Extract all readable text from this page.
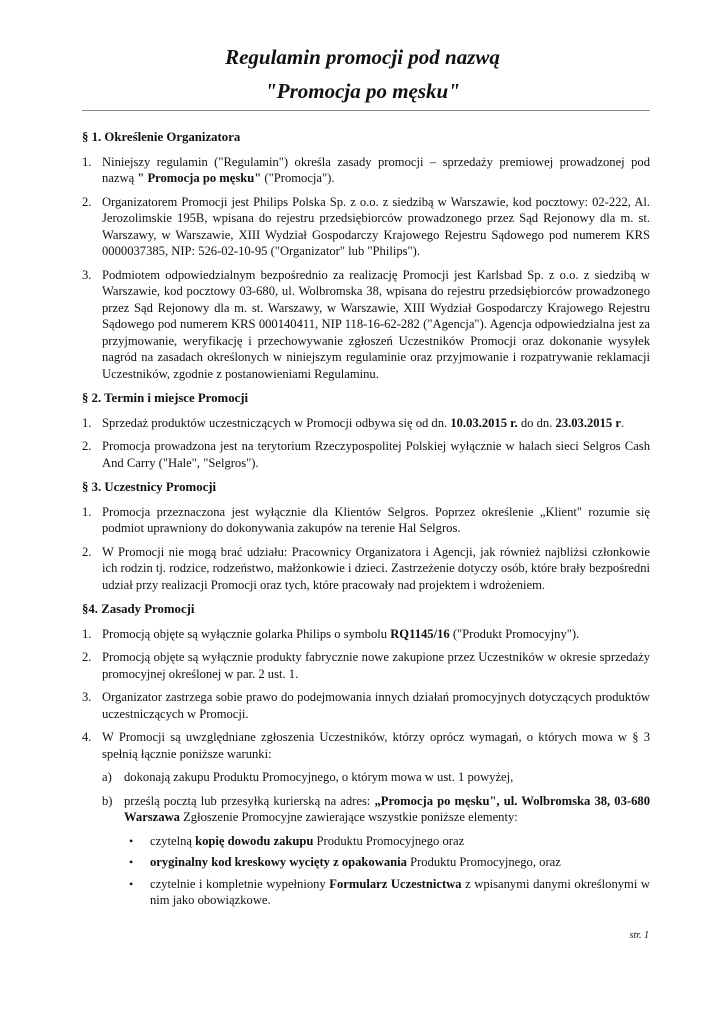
Regulamin promocji pod nazwą
"Promocja po męsku"
§ 1. Określenie Organizatora
1. Niniejszy regulamin ("Regulamin") określa zasady promocji – sprzedaży premiowej prowadzonej pod nazwą " Promocja po męsku" ("Promocja").
2. Organizatorem Promocji jest Philips Polska Sp. z o.o. z siedzibą w Warszawie, kod pocztowy: 02-222, Al. Jerozolimskie 195B, wpisana do rejestru przedsiębiorców prowadzonego przez Sąd Rejonowy dla m. st. Warszawy, w Warszawie, XIII Wydział Gospodarczy Krajowego Rejestru Sądowego pod numerem KRS 0000037385, NIP: 526-02-10-95 ("Organizator" lub "Philips").
3. Podmiotem odpowiedzialnym bezpośrednio za realizację Promocji jest Karlsbad Sp. z o.o. z siedzibą w Warszawie, kod pocztowy 03-680, ul. Wolbromska 38, wpisana do rejestru przedsiębiorców prowadzonego przez Sąd Rejonowy dla m. st. Warszawy, w Warszawie, XIII Wydział Gospodarczy Krajowego Rejestru Sądowego pod numerem KRS 000140411, NIP 118-16-62-282 ("Agencja"). Agencja odpowiedzialna jest za przyjmowanie, weryfikację i przechowywanie zgłoszeń Uczestników Promocji oraz dokonanie wysyłek nagród na zasadach określonych w niniejszym regulaminie oraz przyjmowanie i rozpatrywanie reklamacji Uczestników, zgodnie z postanowieniami Regulaminu.
§ 2. Termin i miejsce Promocji
1. Sprzedaż produktów uczestniczących w Promocji odbywa się od dn. 10.03.2015 r. do dn. 23.03.2015 r.
2. Promocja prowadzona jest na terytorium Rzeczypospolitej Polskiej wyłącznie w halach sieci Selgros Cash And Carry ("Hale", "Selgros").
§ 3. Uczestnicy Promocji
1. Promocja przeznaczona jest wyłącznie dla Klientów Selgros. Poprzez określenie „Klient" rozumie się podmiot uprawniony do dokonywania zakupów na terenie Hal Selgros.
2. W Promocji nie mogą brać udziału: Pracownicy Organizatora i Agencji, jak również najbliżsi członkowie ich rodzin tj. rodzice, rodzeństwo, małżonkowie i dzieci. Zastrzeżenie dotyczy osób, które brały bezpośredni udział przy realizacji Promocji oraz tych, które pracowały nad projektem i wdrożeniem.
§4. Zasady Promocji
1. Promocją objęte są wyłącznie golarka Philips o symbolu RQ1145/16 ("Produkt Promocyjny").
2. Promocją objęte są wyłącznie produkty fabrycznie nowe zakupione przez Uczestników w okresie sprzedaży promocyjnej określonej w par. 2 ust. 1.
3. Organizator zastrzega sobie prawo do podejmowania innych działań promocyjnych dotyczących produktów uczestniczących w Promocji.
4. W Promocji są uwzględniane zgłoszenia Uczestników, którzy oprócz wymagań, o których mowa w § 3 spełnią łącznie poniższe warunki:
a) dokonają zakupu Produktu Promocyjnego, o którym mowa w ust. 1 powyżej,
b) prześlą pocztą lub przesyłką kurierską na adres: „Promocja po męsku", ul. Wolbromska 38, 03-680 Warszawa Zgłoszenie Promocyjne zawierające wszystkie poniższe elementy:
• czytelną kopię dowodu zakupu Produktu Promocyjnego oraz
• oryginalny kod kreskowy wycięty z opakowania Produktu Promocyjnego, oraz
• czytelnie i kompletnie wypełniony Formularz Uczestnictwa z wpisanymi danymi określonymi w nim jako obowiązkowe.
str. 1
